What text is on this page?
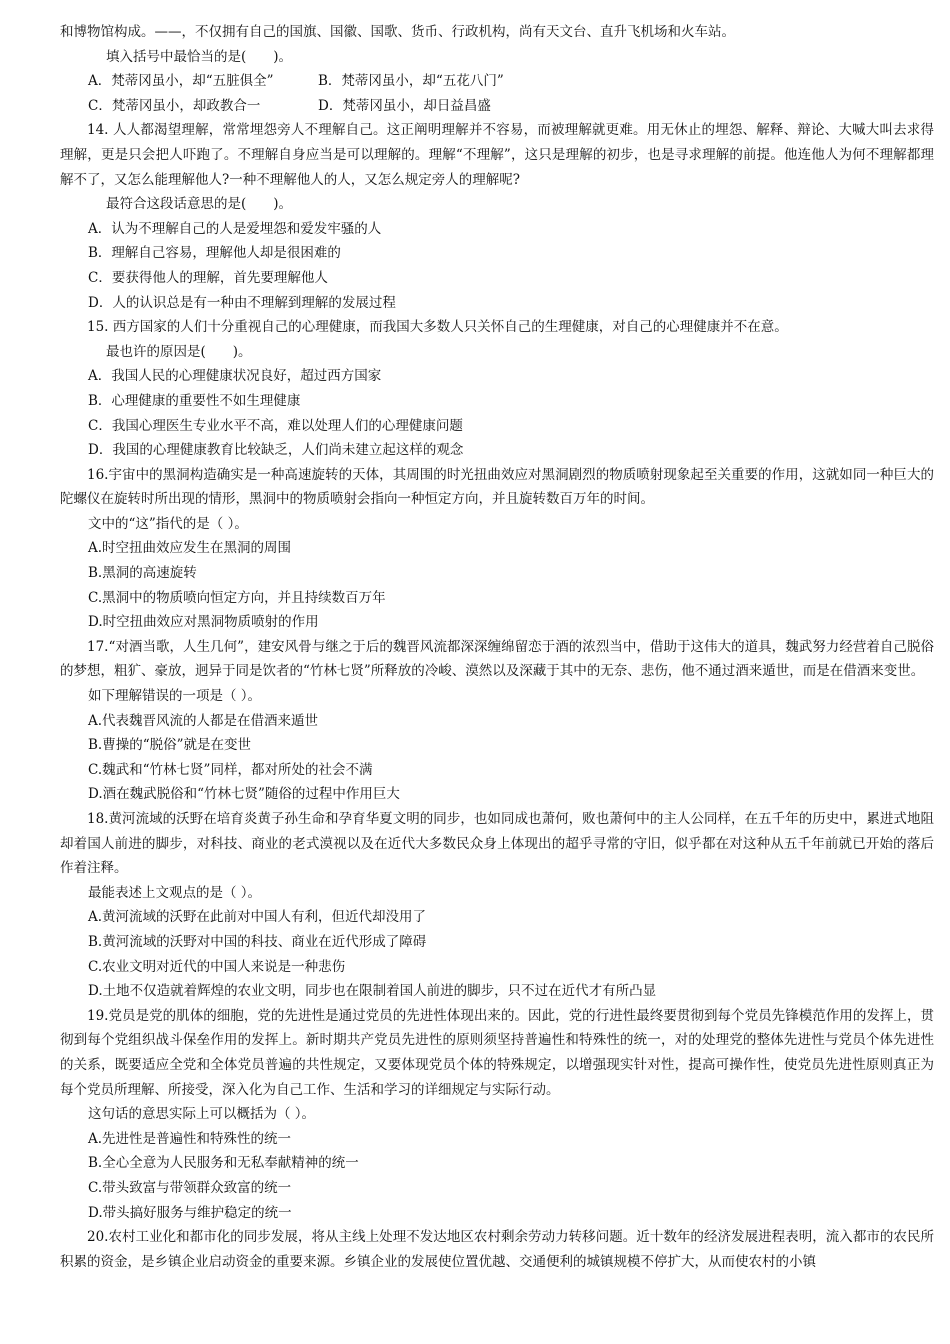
和博物馆构成。——，不仅拥有自己的国旗、国徽、国歌、货币、行政机构，尚有天文台、直升飞机场和火车站。

填入括号中最恰当的是(　　)。

A．梵蒂冈虽小，却“五脏俱全”	B．梵蒂冈虽小，却“五花八门”
C．梵蒂冈虽小，却政教合一	D．梵蒂冈虽小，却日益昌盛

14. 人人都渴望理解，常常埋怨旁人不理解自己。这正阐明理解并不容易，而被理解就更难。用无休止的埋怨、解释、辩论、大喊大叫去求得理解，更是只会把人吓跑了。不理解自身应当是可以理解的。理解“不理解”，这只是理解的初步，也是寻求理解的前提。他连他人为何不理解都理解不了，又怎么能理解他人?一种不理解他人的人，又怎么规定旁人的理解呢?

最符合这段话意思的是(　　)。

A．认为不理解自己的人是爱埋怨和爱发牢骚的人

B．理解自己容易，理解他人却是很困难的

C．要获得他人的理解，首先要理解他人

D．人的认识总是有一种由不理解到理解的发展过程

15. 西方国家的人们十分重视自己的心理健康，而我国大多数人只关怀自己的生理健康，对自己的心理健康并不在意。

最也许的原因是(　　)。

A．我国人民的心理健康状况良好，超过西方国家

B．心理健康的重要性不如生理健康

C．我国心理医生专业水平不高，难以处理人们的心理健康问题

D．我国的心理健康教育比较缺乏，人们尚未建立起这样的观念

16.宇宙中的黑洞构造确实是一种高速旋转的天体，其周围的时光扭曲效应对黑洞剧烈的物质喷射现象起至关重要的作用，这就如同一种巨大的陀螺仪在旋转时所出现的情形，黑洞中的物质喷射会指向一种恒定方向，并且旋转数百万年的时间。

文中的“这”指代的是（ ）。

A.时空扭曲效应发生在黑洞的周围

B.黑洞的高速旋转

C.黑洞中的物质喷向恒定方向，并且持续数百万年

D.时空扭曲效应对黑洞物质喷射的作用

17.“对酒当歌，人生几何”，建安风骨与继之于后的魏晋风流都深深缠绵留恋于酒的浓烈当中，借助于这伟大的道具，魏武努力经营着自己脱俗的梦想，粗犷、豪放，迥异于同是饮者的“竹林七贤”所释放的冷峻、漠然以及深藏于其中的无奈、悲伤，他不通过酒来遁世，而是在借酒来变世。

如下理解错误的一项是（ ）。

A.代表魏晋风流的人都是在借酒来遁世

B.曹操的“脱俗”就是在变世

C.魏武和“竹林七贤”同样，都对所处的社会不满

D.酒在魏武脱俗和“竹林七贤”随俗的过程中作用巨大

18.黄河流域的沃野在培育炎黄子孙生命和孕育华夏文明的同步，也如同成也萧何，败也萧何中的主人公同样，在五千年的历史中，累进式地阻却着国人前进的脚步，对科技、商业的老式漠视以及在近代大多数民众身上体现出的超乎寻常的守旧，似乎都在对这种从五千年前就已开始的落后作着注释。

最能表述上文观点的是（ ）。

A.黄河流域的沃野在此前对中国人有利，但近代却没用了

B.黄河流域的沃野对中国的科技、商业在近代形成了障碍

C.农业文明对近代的中国人来说是一种悲伤

D.土地不仅造就着辉煌的农业文明，同步也在限制着国人前进的脚步，只不过在近代才有所凸显

19.党员是党的肌体的细胞，党的先进性是通过党员的先进性体现出来的。因此，党的行进性最终要贯彻到每个党员先锋模范作用的发挥上，贯彻到每个党组织战斗保垒作用的发挥上。新时期共产党员先进性的原则须坚持普遍性和特殊性的统一，对的处理党的整体先进性与党员个体先进性的关系，既要适应全党和全体党员普遍的共性规定，又要体现党员个体的特殊规定，以增强现实针对性，提高可操作性，使党员先进性原则真正为每个党员所理解、所接受，深入化为自己工作、生活和学习的详细规定与实际行动。

这句话的意思实际上可以概括为（ ）。

A.先进性是普遍性和特殊性的统一

B.全心全意为人民服务和无私奉献精神的统一

C.带头致富与带领群众致富的统一

D.带头搞好服务与维护稳定的统一

20.农村工业化和都市化的同步发展，将从主线上处理不发达地区农村剩余劳动力转移问题。近十数年的经济发展进程表明，流入都市的农民所积累的资金，是乡镇企业启动资金的重要来源。乡镇企业的发展使位置优越、交通便利的城镇规模不停扩大，从而使农村的小镇
